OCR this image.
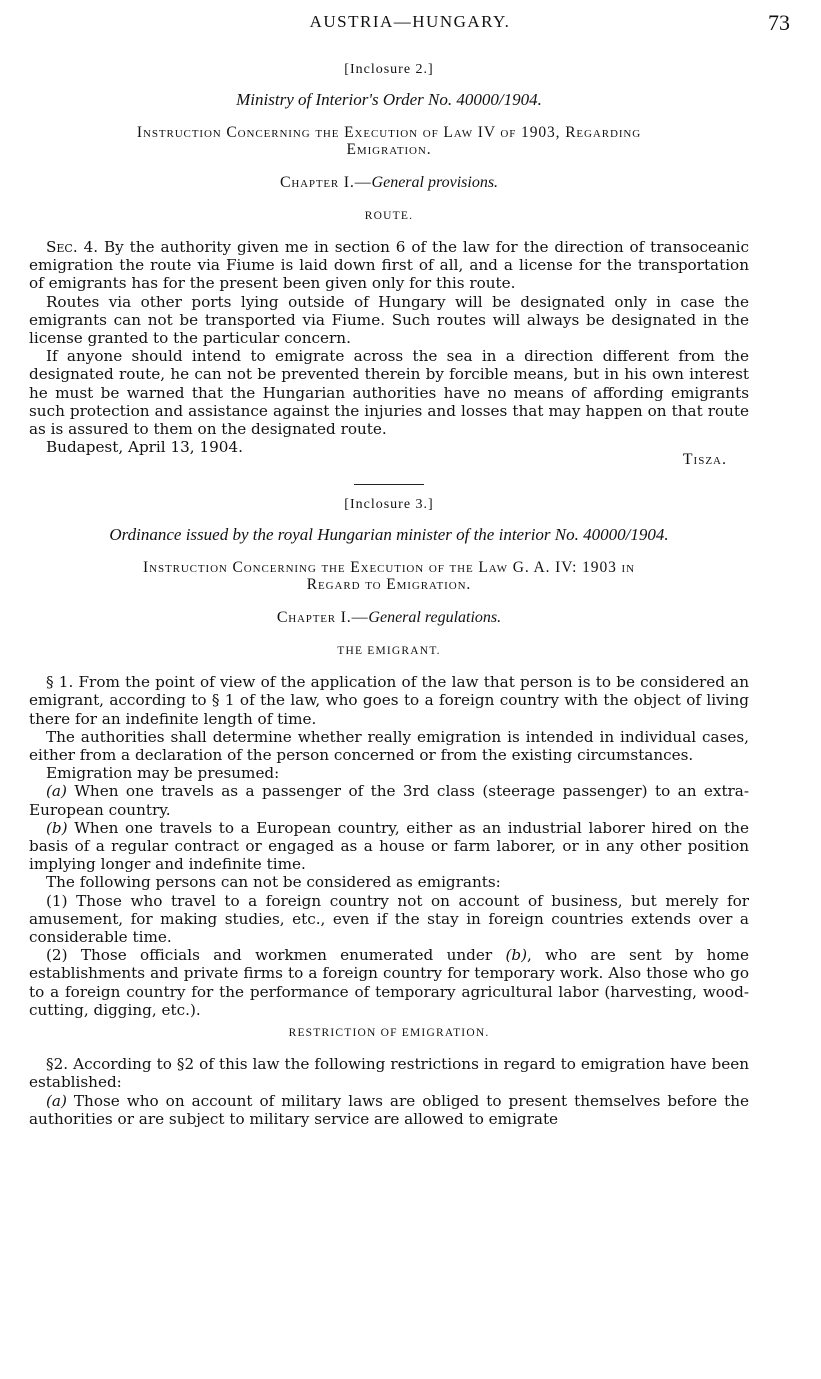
AUSTRIA—HUNGARY.	73
[Inclosure 2.]
Ministry of Interior's Order No. 40000/1904.
Instruction Concerning the Execution of Law IV of 1903, Regarding
Emigration.
Chapter I.—General provisions.
ROUTE.

Sec. 4. By the authority given me in section 6 of the law for the direction of transoceanic emigration the route via Fiume is laid down first of all, and a license for the transportation of emigrants has for the present been given only for this route.

Routes via other ports lying outside of Hungary will be designated only in case the emigrants can not be transported via Fiume. Such routes will always be designated in the license granted to the particular concern.

If anyone should intend to emigrate across the sea in a direction different from the designated route, he can not be prevented therein by forcible means, but in his own interest he must be warned that the Hungarian authorities have no means of affording emigrants such protection and assistance against the injuries and losses that may happen on that route as is assured to them on the designated route.

Budapest, April 13, 1904.

Tisza.
[Inclosure 3.]
Ordinance issued by the royal Hungarian minister of the interior No. 40000/1904.
Instruction Concerning the Execution of the Law G. A. IV: 1903 in
Regard to Emigration.
Chapter I.—General regulations.
THE EMIGRANT.

§ 1. From the point of view of the application of the law that person is to be considered an emigrant, according to § 1 of the law, who goes to a foreign country with the object of living there for an indefinite length of time.

The authorities shall determine whether really emigration is intended in individual cases, either from a declaration of the person concerned or from the existing circumstances.

Emigration may be presumed:

(a) When one travels as a passenger of the 3rd class (steerage passenger) to an extra-European country.

(b) When one travels to a European country, either as an industrial laborer hired on the basis of a regular contract or engaged as a house or farm laborer, or in any other position implying longer and indefinite time.

The following persons can not be considered as emigrants:

(1) Those who travel to a foreign country not on account of business, but merely for amusement, for making studies, etc., even if the stay in foreign countries extends over a considerable time.

(2) Those officials and workmen enumerated under (b), who are sent by home establishments and private firms to a foreign country for temporary work. Also those who go to a foreign country for the performance of temporary agricultural labor (harvesting, wood-cutting, digging, etc.).

RESTRICTION OF EMIGRATION.

§2. According to §2 of this law the following restrictions in regard to emigration have been established:

(a) Those who on account of military laws are obliged to present themselves before the authorities or are subject to military service are allowed to emigrate
